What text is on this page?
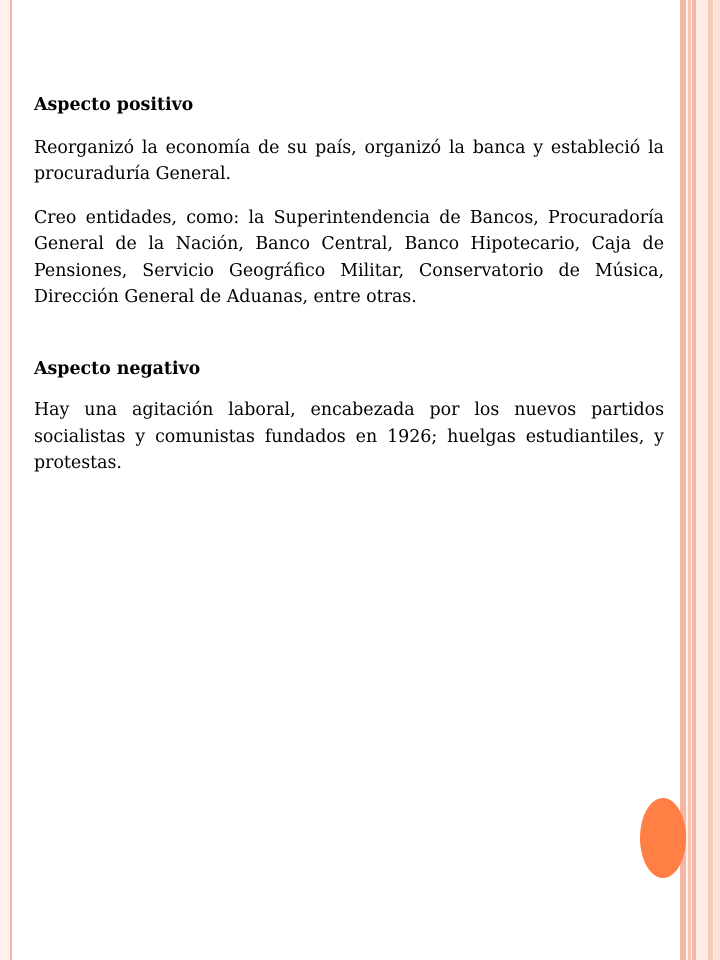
Aspecto positivo

Reorganizó la economía de su país, organizó la banca y estableció la procuraduría General.

Creo entidades, como: la Superintendencia de Bancos, Procuradoría General de la Nación, Banco Central, Banco Hipotecario, Caja de Pensiones, Servicio Geográfico Militar, Conservatorio de Música, Dirección General de Aduanas, entre otras.

Aspecto negativo

Hay una agitación laboral, encabezada por los nuevos partidos socialistas y comunistas fundados en 1926; huelgas estudiantiles, y protestas.
